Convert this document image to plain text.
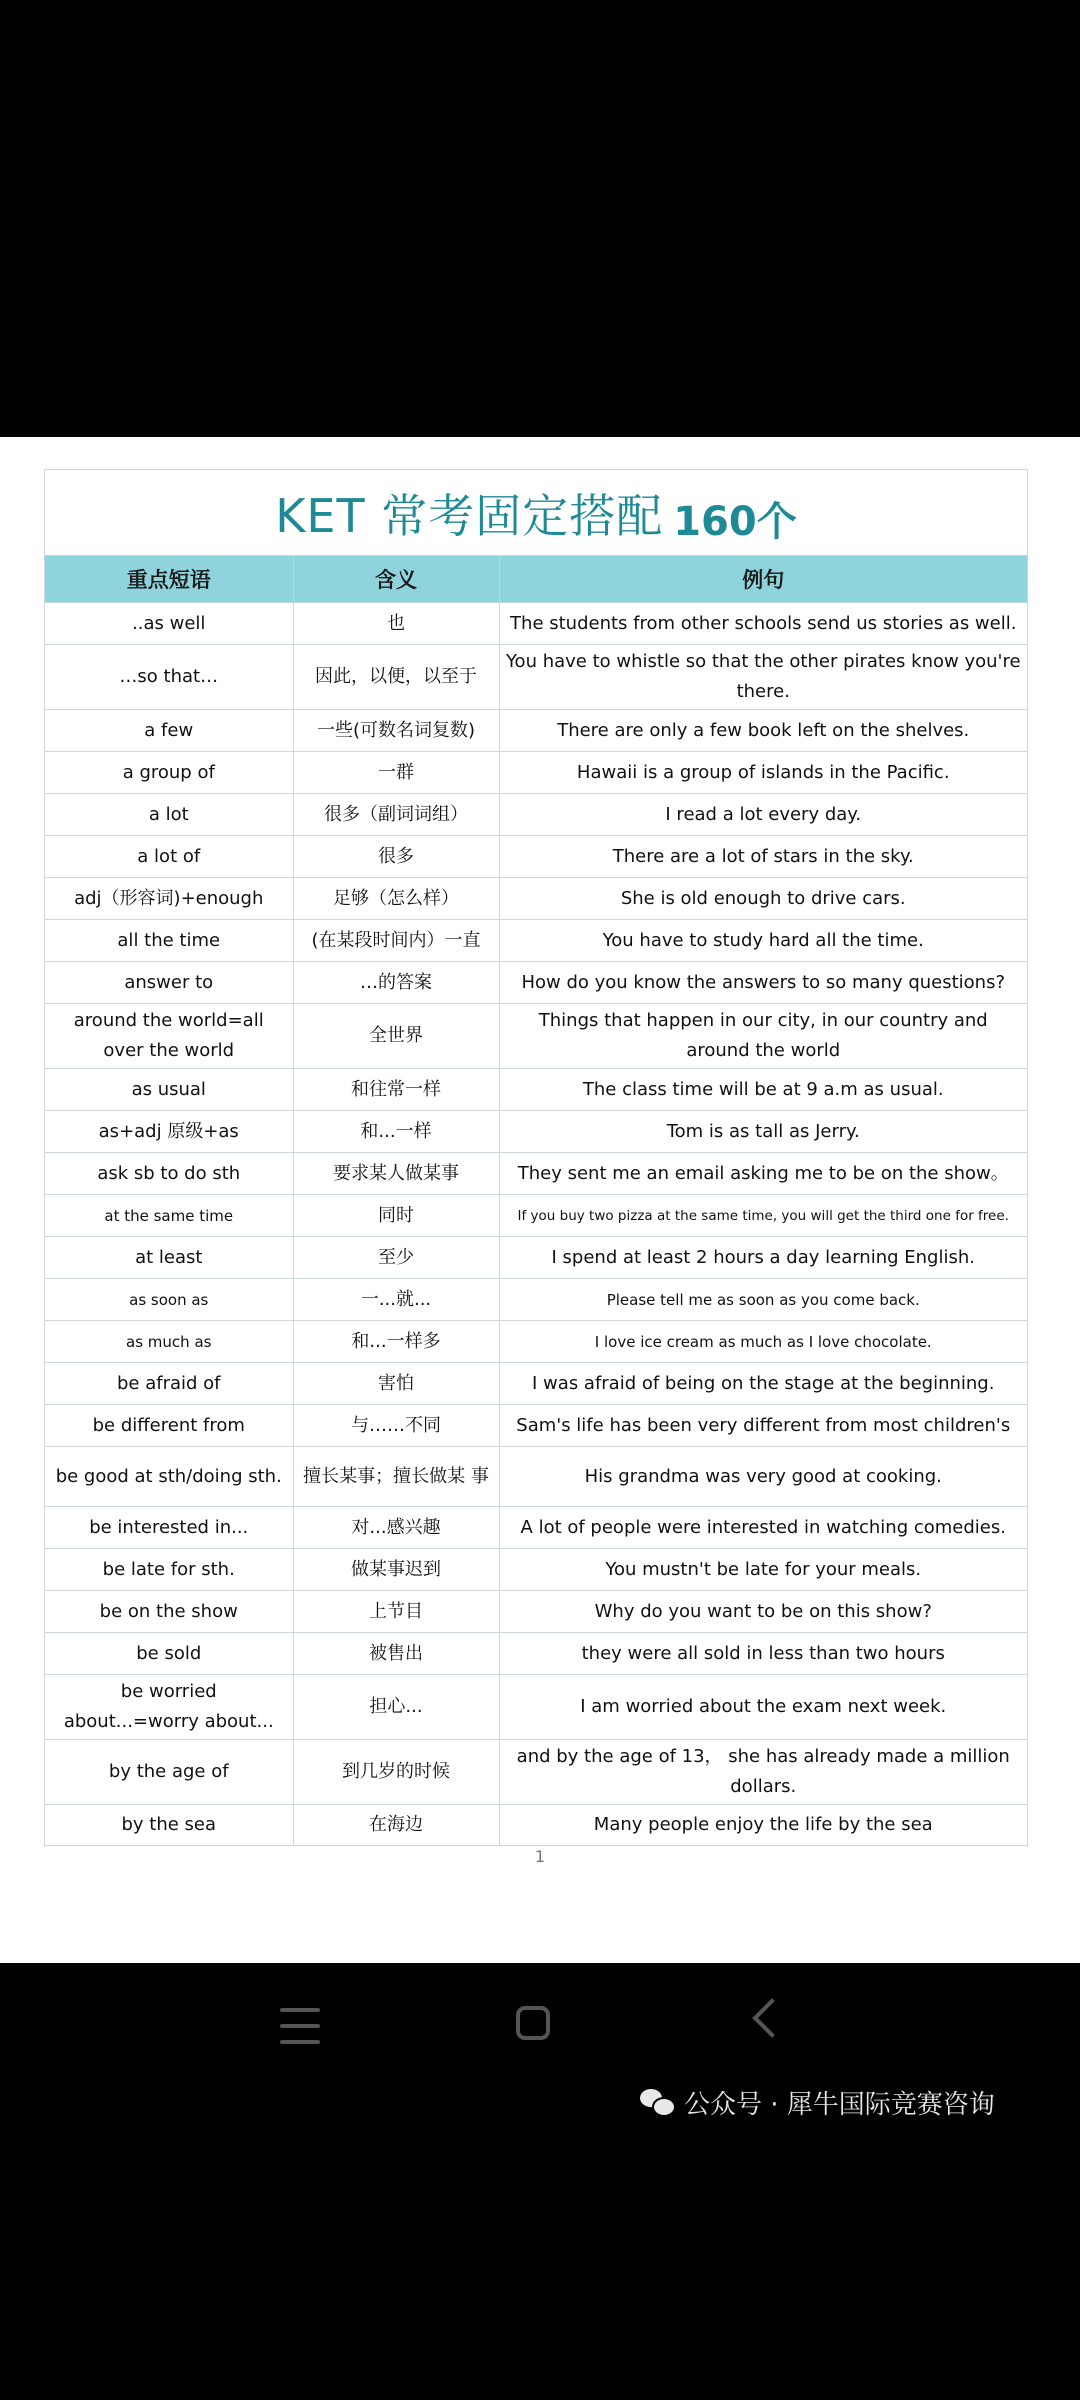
KET 常考固定搭配 160个
重点短语	含义	例句
..as well	也	The students from other schools send us stories as well.
…so that…	因此，以便，以至于	You have to whistle so that the other pirates know you're there.
a few	一些(可数名词复数)	There are only a few book left on the shelves.
a group of	一群	Hawaii is a group of islands in the Pacific.
a lot	很多（副词词组）	I read a lot every day.
a lot of	很多	There are a lot of stars in the sky.
adj（形容词)+enough	足够（怎么样）	She is old enough to drive cars.
all the time	(在某段时间内）一直	You have to study hard all the time.
answer to	…的答案	How do you know the answers to so many questions?
around the world=all over the world	全世界	Things that happen in our city, in our country and around the world
as usual	和往常一样	The class time will be at 9 a.m as usual.
as+adj 原级+as	和...一样	Tom is as tall as Jerry.
ask sb to do sth	要求某人做某事	They sent me an email asking me to be on the show。
at the same time	同时	If you buy two pizza at the same time, you will get the third one for free.
at least	至少	I spend at least 2 hours a day learning English.
as soon as	一...就...	Please tell me as soon as you come back.
as much as	和...一样多	I love ice cream as much as I love chocolate.
be afraid of	害怕	I was afraid of being on the stage at the beginning.
be different from	与……不同	Sam's life has been very different from most children's
be good at sth/doing sth.	擅长某事；擅长做某 事	His grandma was very good at cooking.
be interested in...	对...感兴趣	A lot of people were interested in watching comedies.
be late for sth.	做某事迟到	You mustn't be late for your meals.
be on the show	上节目	Why do you want to be on this show?
be sold	被售出	they were all sold in less than two hours
be worried about...=worry about...	担心...	I am worried about the exam next week.
by the age of	到几岁的时候	and by the age of 13， she has already made a million dollars.
by the sea	在海边	Many people enjoy the life by the sea
1
公众号 · 犀牛国际竞赛咨询
